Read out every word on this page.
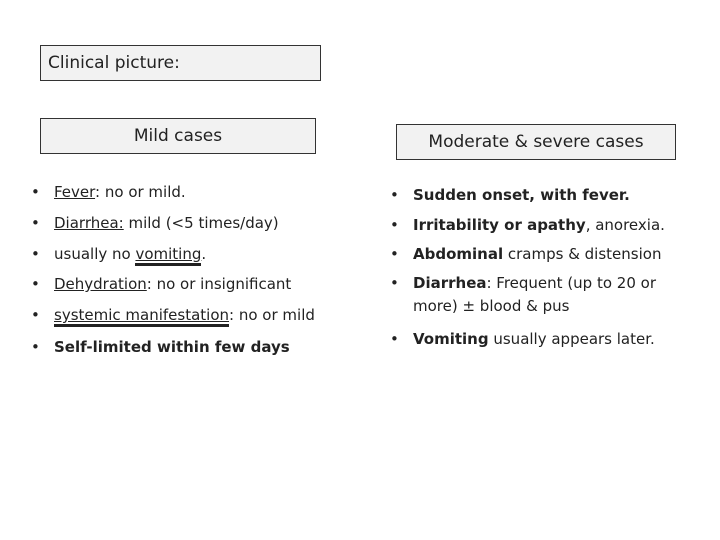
Clinical picture:
Mild cases	Moderate & severe cases
• Fever: no or mild.
• Diarrhea: mild (<5 times/day)
• usually no vomiting.
• Dehydration: no or insignificant
• systemic manifestation: no or mild
• Self-limited within few days
• Sudden onset, with fever.
• Irritability or apathy, anorexia.
• Abdominal cramps & distension
• Diarrhea: Frequent (up to 20 or more) ± blood & pus
• Vomiting usually appears later.
